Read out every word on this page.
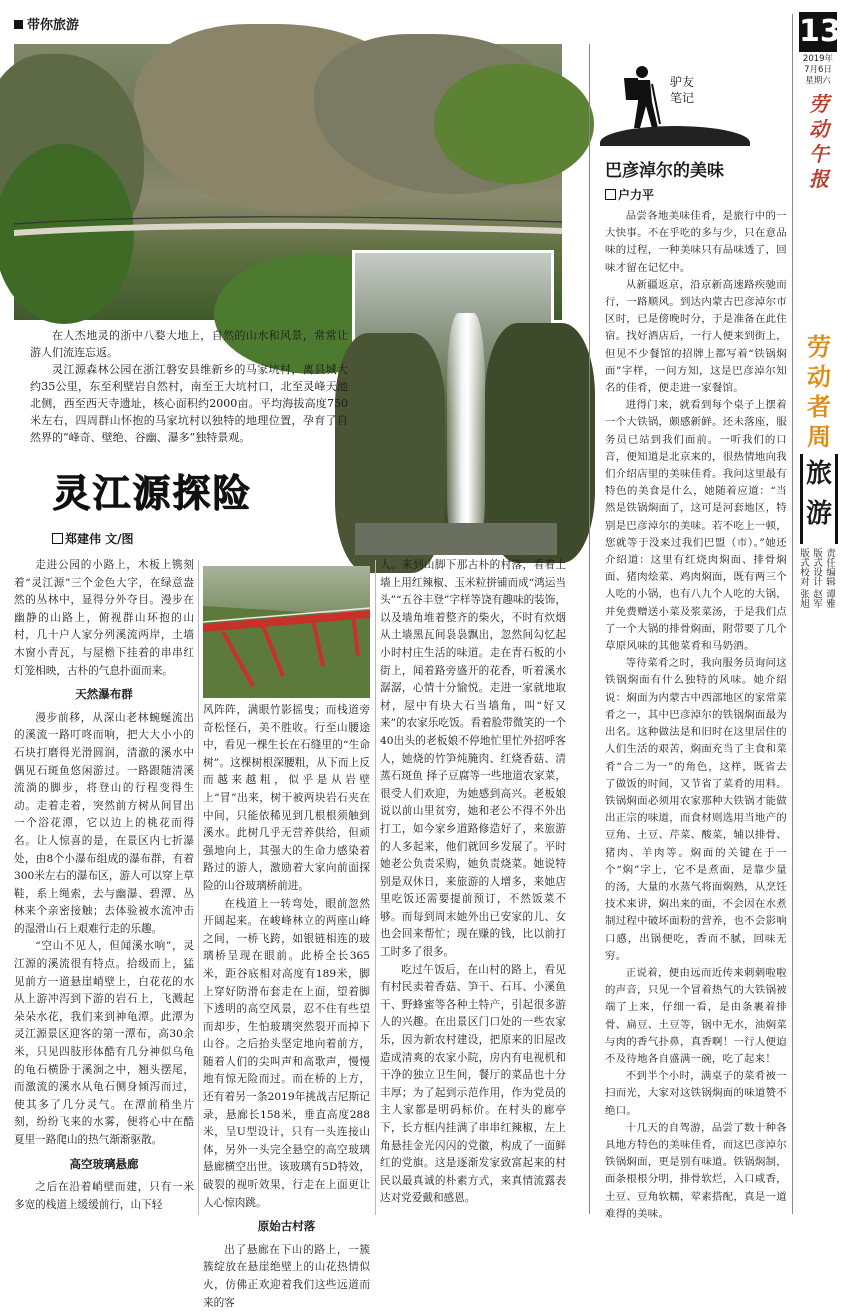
带你旅游

在人杰地灵的浙中八婺大地上，自然的山水和风景，常常让游人们流连忘返。

灵江源森林公园在浙江磐安县维新乡的马家坑村，离县城大约35公里，东至利壁岩自然村，南至王大坑村口，北至灵峰天池北侧，西至西天寺遗址，核心面积约2000亩。平均海拔高度750米左右，四周群山怀抱的马家坑村以独特的地理位置，孕育了自然界的“峰奇、壁绝、谷幽、瀑多”独特景观。

灵江源探险
郑建伟 文/图

走进公园的小路上，木板上镌刻着“灵江源”三个金色大字，在绿意盎然的丛林中，显得分外夺目。漫步在幽静的山路上，俯视群山环抱的山村，几十户人家分列溪流两岸，土墙木窗小青瓦，与屋檐下挂着的串串红灯笼相映，古朴的气息扑面而来。

天然瀑布群

漫步前移，从深山老林蜿蜒流出的溪流一路叮咚而响，把大大小小的石块打磨得光滑圆润，清澈的溪水中偶见石斑鱼悠闲游过。一路跟随清溪流淌的脚步，将登山的行程变得生动。走着走着，突然前方树从间冒出一个浴花潭，它以边上的桃花而得名。让人惊喜的是，在景区内七折瀑处，由8个小瀑布组成的瀑布群，有着300米左右的瀑布区，游人可以穿上草鞋，系上绳索，去与幽瀑、碧潭、丛林来个亲密接触；去体验被水流冲击的湿滑山石上艰难行走的乐趣。

“空山不见人，但闻溪水响”，灵江源的溪流很有特点。拾级而上，猛见前方一道悬崖峭壁上，白花花的水从上游冲泻到下游的岩石上，飞溅起朵朵水花，我们来到神龟潭。此潭为灵江源景区迎客的第一潭布，高30余米，只见四肢形体酷有几分神似乌龟的龟石横卧于溪涧之中，翘头摆尾，而激流的溪水从龟石侧身倾泻而过，使其多了几分灵气。在潭前稍坐片刻，纷纷飞来的水雾，便将心中在酷夏里一路爬山的热气渐渐驱散。

高空玻璃悬廊

之后在沿着峭壁而建，只有一米多宽的栈道上缓缓前行，山下轻

风阵阵，满眼竹影摇曳；而栈道旁奇松怪石，美不胜收。行至山腰途中，看见一棵生长在石缝里的“生命树”。这棵树根深腰粗，从下而上反而越来越粗，似乎是从岩壁上“冒”出来，树干被两块岩石夹在中间，只能依稀见到几根根须触到溪水。此树几乎无营养供给，但顽强地向上，其强大的生命力感染着路过的游人，激励着大家向前面探险的山谷玻璃桥前进。

在栈道上一转弯处，眼前忽然开阔起来。在峻峰林立的两座山峰之间，一桥飞跨，如银链相连的玻璃桥呈现在眼前。此桥全长365米，距谷底相对高度有189米，脚上穿好防滑布套走在上面，望着脚下透明的高空风景，忍不住有些望而却步，生怕玻璃突然裂开而掉下山谷。之后抬头坚定地向着前方，随着人们的尖叫声和高歌声，慢慢地有惊无险而过。而在桥的上方，还有着另一条2019年挑战吉尼斯记录，悬廊长158米，垂直高度288米，呈U型设计，只有一头连接山体，另外一头完全悬空的高空玻璃悬廊横空出世。该玻璃有5D特效，破裂的视听效果，行走在上面更让人心惊肉跳。

原始古村落

出了悬廊在下山的路上，一簇簇绽放在悬崖绝壁上的山花热情似火，仿佛正欢迎着我们这些远道而来的客

人。来到山脚下那古朴的村落，看着土墙上用红辣椒、玉米粒拼铺而成“鸿运当头”“五谷丰登”字样等饶有趣味的装饰，以及墙角堆着整齐的柴火，不时有炊烟从土墙黑瓦间袅袅飘出，忽然间勾忆起小时村庄生活的味道。走在青石板的小街上，闻着路旁盛开的花香，听着溪水潺潺，心情十分愉悦。走进一家就地取材，屋中有块大石当墙角，叫“好又来”的农家乐吃饭。看着脸带微笑的一个40出头的老板娘不停地忙里忙外招呼客人，她烧的竹笋炖腌肉、红烧香菇、清蒸石斑鱼 择子豆腐等一些地道农家菜，很受人们欢迎，为她感到高兴。老板娘说以前山里贫穷，她和老公不得不外出打工，如今家乡道路修造好了，来旅游的人多起来，他们就回乡发展了。平时她老公负责采购，她负责烧菜。她说特别是双休日，来旅游的人增多，来她店里吃饭还需要提前预订，不然饭菜不够。而每到周末她外出已安家的儿、女也会回来帮忙；现在赚的钱，比以前打工时多了很多。

吃过午饭后，在山村的路上，看见有村民卖着香菇、笋干、石耳、小溪鱼干、野蜂蜜等各种土特产，引起很多游人的兴趣。在出景区门口处的一些农家乐，因为新农村建设，把原来的旧屋改造成清爽的农家小院，房内有电视机和干净的独立卫生间，餐厅的菜品也十分丰厚；为了起到示范作用，作为党员的主人家都是明码标价。在村头的廊亭下，长方框内挂满了串串红辣椒，左上角悬挂金光闪闪的党徽，构成了一面鲜红的党旗。这是逐渐发家致富起来的村民以最真诚的朴素方式，来真情流露表达对党爱戴和感恩。

驴友
笔记
巴彦淖尔的美味
户力平

品尝各地美味佳肴，是旅行中的一大快事。不在乎吃的多与少，只在意品味的过程，一种美味只有品味透了，回味才留在记忆中。

从新疆返京，沿京新高速路疾驰而行，一路顺风。到达内蒙古巴彦淖尔市区时，已是傍晚时分，于是准备在此住宿。找好酒店后，一行人便来到街上，但见不少餐馆的招牌上都写着“铁锅焖面”字样，一问方知，这是巴彦淖尔知名的佳肴，便走进一家餐馆。

进得门来，就看到每个桌子上摆着一个大铁锅，颇感新鲜。还未落座，服务员已站到我们面前。一听我们的口音，便知道是北京来的，很热情地向我们介绍店里的美味佳肴。我问这里最有特色的美食是什么，她随着应道：“当然是铁锅焖面了，这可是河套地区，特别是巴彦淖尔的美味。若不吃上一顿，您就等于没来过我们巴盟（市）。”她还介绍道：这里有红烧肉焖面、排骨焖面、猪肉烩菜、鸡肉焖面，既有两三个人吃的小锅，也有八九个人吃的大锅，并免费赠送小菜及浆菜汤，于是我们点了一个大锅的排骨焖面，附带要了几个草原风味的其他菜肴和马奶酒。

等待菜肴之时，我向服务员询问这铁锅焖面有什么独特的风味。她介绍说：焖面为内蒙古中西部地区的家常菜肴之一，其中巴彦淖尔的铁锅焖面最为出名。这种做法是和旧时在这里居住的人们生活的艰苦，焖面充当了主食和菜肴“合二为一”的角色，这样，既省去了做饭的时间，又节省了菜肴的用料。铁锅焖面必须用农家那种大铁锅才能做出正宗的味道，而食材则选用当地产的豆角、土豆、芹菜、酸菜，辅以排骨、猪肉、羊肉等。焖面的关键在于一个“焖”字上，它不是煮面，是靠少量的汤，大量的水蒸气将面焖熟，从烹饪技术来讲，焖出来的面，不会因在水煮制过程中破坏面粉的营养，也不会影响口感，出锅便吃，香而不腻，回味无穷。

正说着，便由远而近传来刺刺啦啦的声音，只见一个冒着热气的大铁锅被端了上来，仔细一看，是由条裹着排骨、扁豆、土豆等，锅中无水，油焖菜与肉的香气扑鼻，真香啊！一行人便迫不及待地各自盛满一碗，吃了起来！

不到半个小时，满桌子的菜肴被一扫而光，大家对这铁锅焖面的味道赞不绝口。

十几天的自驾游，品尝了数十种各具地方特色的美味佳肴，而这巴彦淖尔铁锅焖面，更是别有味道。铁锅焖制，面条根根分明，排骨软烂，入口咸香，土豆、豆角软糯，荤素搭配，真是一道难得的美味。

13
2019年
7月6日
星期六
劳
动
午
报
劳
动
者
周
旅
游
责任编辑 谭雅
版式设计 赵军
版式校对 张旭
